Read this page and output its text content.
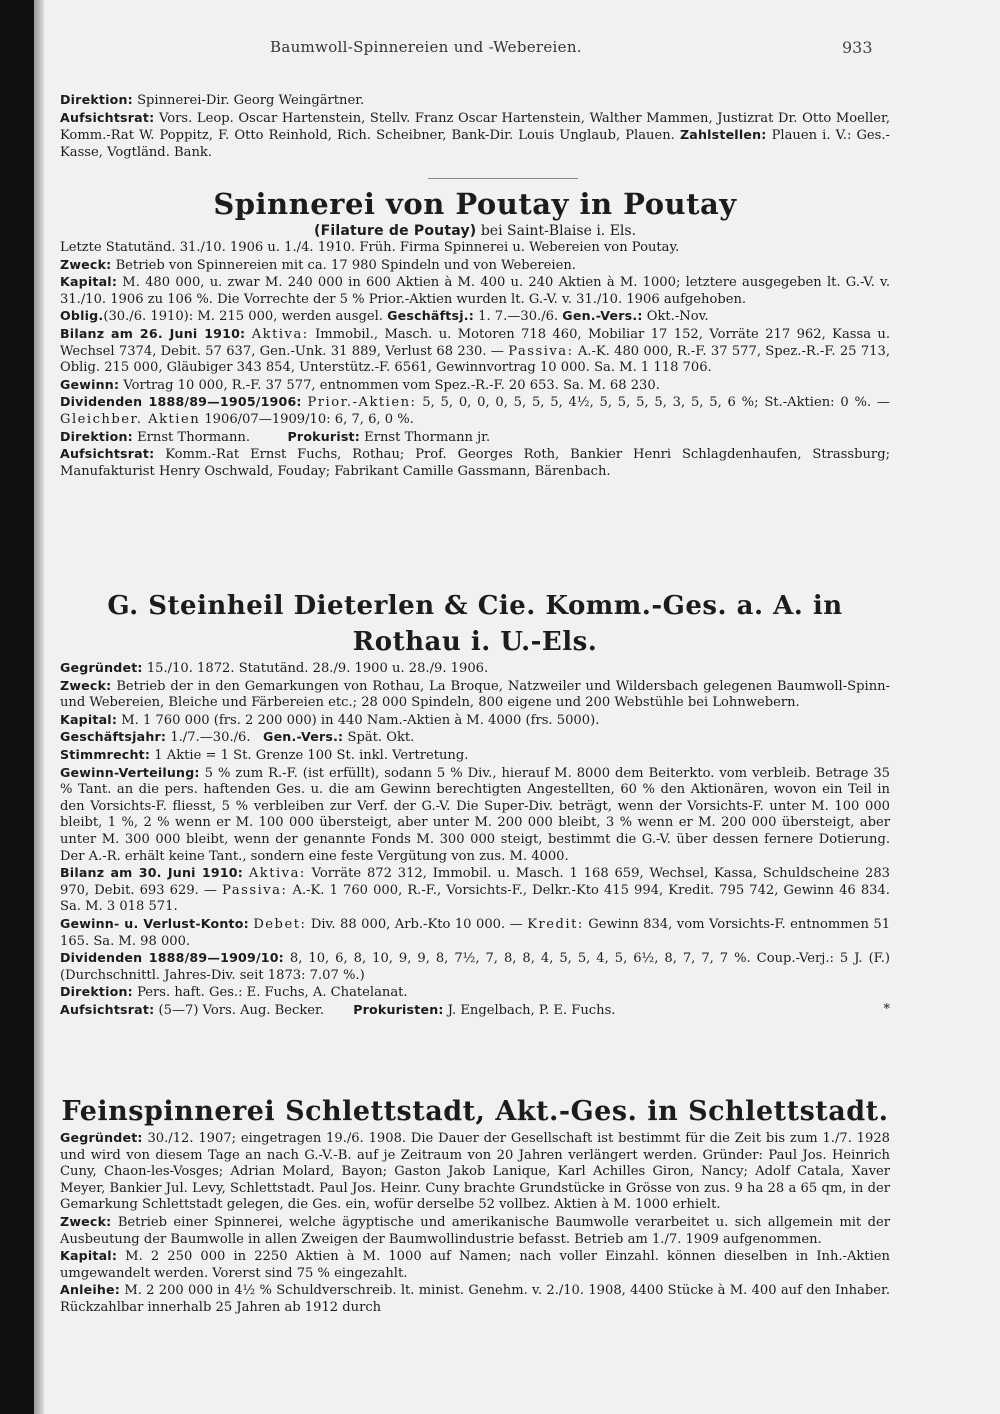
Baumwoll-Spinnereien und -Webereien.	933

Direktion: Spinnerei-Dir. Georg Weingärtner.

Aufsichtsrat: Vors. Leop. Oscar Hartenstein, Stellv. Franz Oscar Hartenstein, Walther Mammen, Justizrat Dr. Otto Moeller, Komm.-Rat W. Poppitz, F. Otto Reinhold, Rich. Scheibner, Bank-Dir. Louis Unglaub, Plauen. Zahlstellen: Plauen i. V.: Ges.-Kasse, Vogtländ. Bank.

Spinnerei von Poutay in Poutay

(Filature de Poutay) bei Saint-Blaise i. Els.

Letzte Statutänd. 31./10. 1906 u. 1./4. 1910. Früh. Firma Spinnerei u. Webereien von Poutay.

Zweck: Betrieb von Spinnereien mit ca. 17 980 Spindeln und von Webereien.

Kapital: M. 480 000, u. zwar M. 240 000 in 600 Aktien à M. 400 u. 240 Aktien à M. 1000; letztere ausgegeben lt. G.-V. v. 31./10. 1906 zu 106 %. Die Vorrechte der 5 % Prior.-Aktien wurden lt. G.-V. v. 31./10. 1906 aufgehoben.

Oblig.(30./6. 1910): M. 215 000, werden ausgel. Geschäftsj.: 1. 7.—30./6. Gen.-Vers.: Okt.-Nov.

Bilanz am 26. Juni 1910: Aktiva: Immobil., Masch. u. Motoren 718 460, Mobiliar 17 152, Vorräte 217 962, Kassa u. Wechsel 7374, Debit. 57 637, Gen.-Unk. 31 889, Verlust 68 230. — Passiva: A.-K. 480 000, R.-F. 37 577, Spez.-R.-F. 25 713, Oblig. 215 000, Gläubiger 343 854, Unterstütz.-F. 6561, Gewinnvortrag 10 000. Sa. M. 1 118 706.

Gewinn: Vortrag 10 000, R.-F. 37 577, entnommen vom Spez.-R.-F. 20 653. Sa. M. 68 230.

Dividenden 1888/89—1905/1906: Prior.-Aktien: 5, 5, 0, 0, 0, 5, 5, 5, 4½, 5, 5, 5, 5, 3, 5, 5, 6 %; St.-Aktien: 0 %. — Gleichber. Aktien 1906/07—1909/10: 6, 7, 6, 0 %.

Direktion: Ernst Thormann.	Prokurist: Ernst Thormann jr.

Aufsichtsrat: Komm.-Rat Ernst Fuchs, Rothau; Prof. Georges Roth, Bankier Henri Schlagdenhaufen, Strassburg; Manufakturist Henry Oschwald, Fouday; Fabrikant Camille Gassmann, Bärenbach.

G. Steinheil Dieterlen & Cie. Komm.-Ges. a. A. in Rothau i. U.-Els.

Gegründet: 15./10. 1872. Statutänd. 28./9. 1900 u. 28./9. 1906.

Zweck: Betrieb der in den Gemarkungen von Rothau, La Broque, Natzweiler und Wildersbach gelegenen Baumwoll-Spinn- und Webereien, Bleiche und Färbereien etc.; 28 000 Spindeln, 800 eigene und 200 Webstühle bei Lohnwebern.

Kapital: M. 1 760 000 (frs. 2 200 000) in 440 Nam.-Aktien à M. 4000 (frs. 5000).

Geschäftsjahr: 1./7.—30./6. Gen.-Vers.: Spät. Okt.

Stimmrecht: 1 Aktie = 1 St. Grenze 100 St. inkl. Vertretung.

Gewinn-Verteilung: 5 % zum R.-F. (ist erfüllt), sodann 5 % Div., hierauf M. 8000 dem Beiterkto. vom verbleib. Betrage 35 % Tant. an die pers. haftenden Ges. u. die am Gewinn berechtigten Angestellten, 60 % den Aktionären, wovon ein Teil in den Vorsichts-F. fliesst, 5 % verbleiben zur Verf. der G.-V. Die Super-Div. beträgt, wenn der Vorsichts-F. unter M. 100 000 bleibt, 1 %, 2 % wenn er M. 100 000 übersteigt, aber unter M. 200 000 bleibt, 3 % wenn er M. 200 000 übersteigt, aber unter M. 300 000 bleibt, wenn der genannte Fonds M. 300 000 steigt, bestimmt die G.-V. über dessen fernere Dotierung. Der A.-R. erhält keine Tant., sondern eine feste Vergütung von zus. M. 4000.

Bilanz am 30. Juni 1910: Aktiva: Vorräte 872 312, Immobil. u. Masch. 1 168 659, Wechsel, Kassa, Schuldscheine 283 970, Debit. 693 629. — Passiva: A.-K. 1 760 000, R.-F., Vorsichts-F., Delkr.-Kto 415 994, Kredit. 795 742, Gewinn 46 834. Sa. M. 3 018 571.

Gewinn- u. Verlust-Konto: Debet: Div. 88 000, Arb.-Kto 10 000. — Kredit: Gewinn 834, vom Vorsichts-F. entnommen 51 165. Sa. M. 98 000.

Dividenden 1888/89—1909/10: 8, 10, 6, 8, 10, 9, 9, 8, 7½, 7, 8, 8, 4, 5, 5, 4, 5, 6½, 8, 7, 7, 7 %. Coup.-Verj.: 5 J. (F.) (Durchschnittl. Jahres-Div. seit 1873: 7.07 %.)

Direktion: Pers. haft. Ges.: E. Fuchs, A. Chatelanat.

Aufsichtsrat: (5—7) Vors. Aug. Becker. Prokuristen: J. Engelbach, P. E. Fuchs.	*

Feinspinnerei Schlettstadt, Akt.-Ges. in Schlettstadt.

Gegründet: 30./12. 1907; eingetragen 19./6. 1908. Die Dauer der Gesellschaft ist bestimmt für die Zeit bis zum 1./7. 1928 und wird von diesem Tage an nach G.-V.-B. auf je Zeitraum von 20 Jahren verlängert werden. Gründer: Paul Jos. Heinrich Cuny, Chaon-les-Vosges; Adrian Molard, Bayon; Gaston Jakob Lanique, Karl Achilles Giron, Nancy; Adolf Catala, Xaver Meyer, Bankier Jul. Levy, Schlettstadt. Paul Jos. Heinr. Cuny brachte Grundstücke in Grösse von zus. 9 ha 28 a 65 qm, in der Gemarkung Schlettstadt gelegen, die Ges. ein, wofür derselbe 52 vollbez. Aktien à M. 1000 erhielt.

Zweck: Betrieb einer Spinnerei, welche ägyptische und amerikanische Baumwolle verarbeitet u. sich allgemein mit der Ausbeutung der Baumwolle in allen Zweigen der Baumwollindustrie befasst. Betrieb am 1./7. 1909 aufgenommen.

Kapital: M. 2 250 000 in 2250 Aktien à M. 1000 auf Namen; nach voller Einzahl. können dieselben in Inh.-Aktien umgewandelt werden. Vorerst sind 75 % eingezahlt.

Anleihe: M. 2 200 000 in 4½ % Schuldverschreib. lt. minist. Genehm. v. 2./10. 1908, 4400 Stücke à M. 400 auf den Inhaber. Rückzahlbar innerhalb 25 Jahren ab 1912 durch
